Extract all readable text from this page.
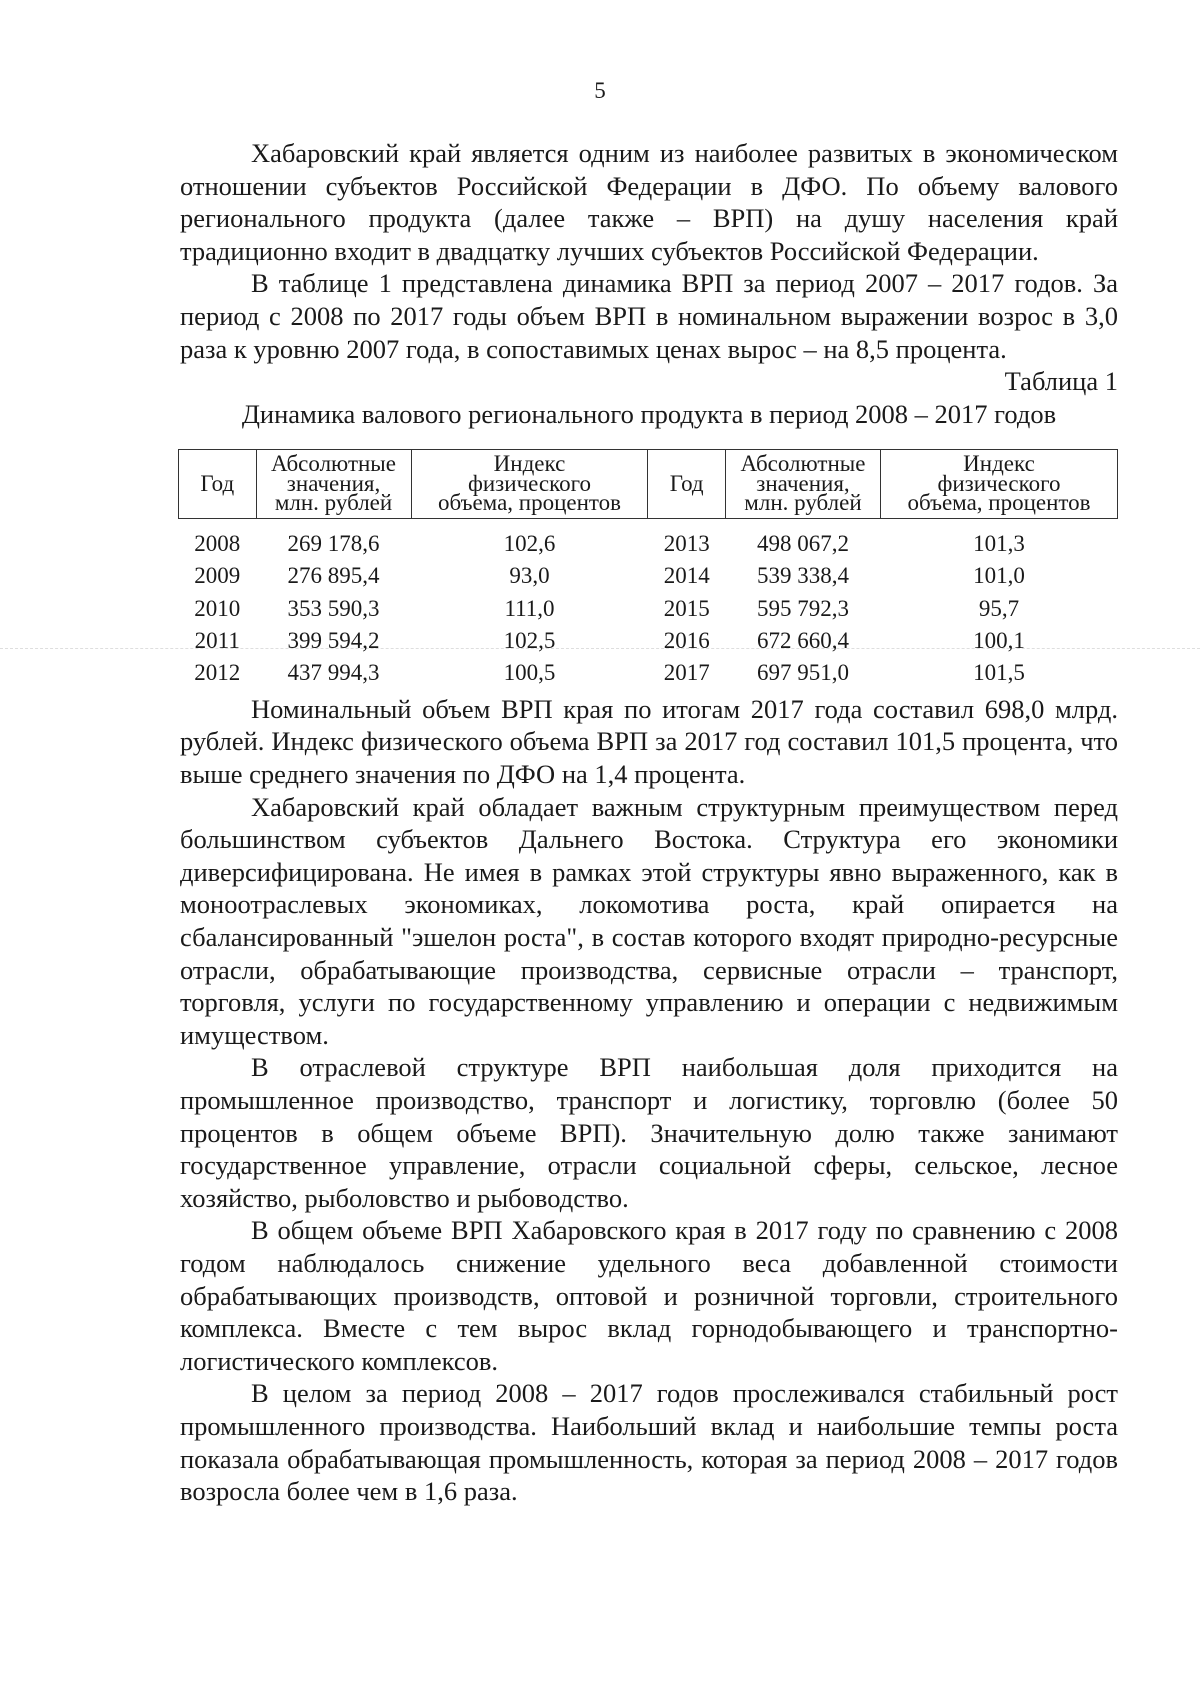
5

Хабаровский край является одним из наиболее развитых в экономическом отношении субъектов Российской Федерации в ДФО. По объему валового регионального продукта (далее также – ВРП) на душу населения край традиционно входит в двадцатку лучших субъектов Российской Федерации.

В таблице 1 представлена динамика ВРП за период 2007 – 2017 годов. За период с 2008 по 2017 годы объем ВРП в номинальном выражении возрос в 3,0 раза к уровню 2007 года, в сопоставимых ценах вырос – на 8,5 процента.

Таблица 1

Динамика валового регионального продукта в период 2008 – 2017 годов

Год	Абсолютные
значения,
млн. рублей	Индекс
физического
объема, процентов	Год	Абсолютные
значения,
млн. рублей	Индекс
физического
объема, процентов
2008	269 178,6	102,6	2013	498 067,2	101,3
2009	276 895,4	93,0	2014	539 338,4	101,0
2010	353 590,3	111,0	2015	595 792,3	95,7
2011	399 594,2	102,5	2016	672 660,4	100,1
2012	437 994,3	100,5	2017	697 951,0	101,5

Номинальный объем ВРП края по итогам 2017 года составил 698,0 млрд. рублей. Индекс физического объема ВРП за 2017 год составил 101,5 процента, что выше среднего значения по ДФО на 1,4 процента.

Хабаровский край обладает важным структурным преимуществом перед большинством субъектов Дальнего Востока. Структура его экономики диверсифицирована. Не имея в рамках этой структуры явно выраженного, как в моноотраслевых экономиках, локомотива роста, край опирается на сбалансированный "эшелон роста", в состав которого входят природно-ресурсные отрасли, обрабатывающие производства, сервисные отрасли – транспорт, торговля, услуги по государственному управлению и операции с недвижимым имуществом.

В отраслевой структуре ВРП наибольшая доля приходится на промышленное производство, транспорт и логистику, торговлю (более 50 процентов в общем объеме ВРП). Значительную долю также занимают государственное управление, отрасли социальной сферы, сельское, лесное хозяйство, рыболовство и рыбоводство.

В общем объеме ВРП Хабаровского края в 2017 году по сравнению с 2008 годом наблюдалось снижение удельного веса добавленной стоимости обрабатывающих производств, оптовой и розничной торговли, строительного комплекса. Вместе с тем вырос вклад горнодобывающего и транспортно-логистического комплексов.

В целом за период 2008 – 2017 годов прослеживался стабильный рост промышленного производства. Наибольший вклад и наибольшие темпы роста показала обрабатывающая промышленность, которая за период 2008 – 2017 годов возросла более чем в 1,6 раза.
